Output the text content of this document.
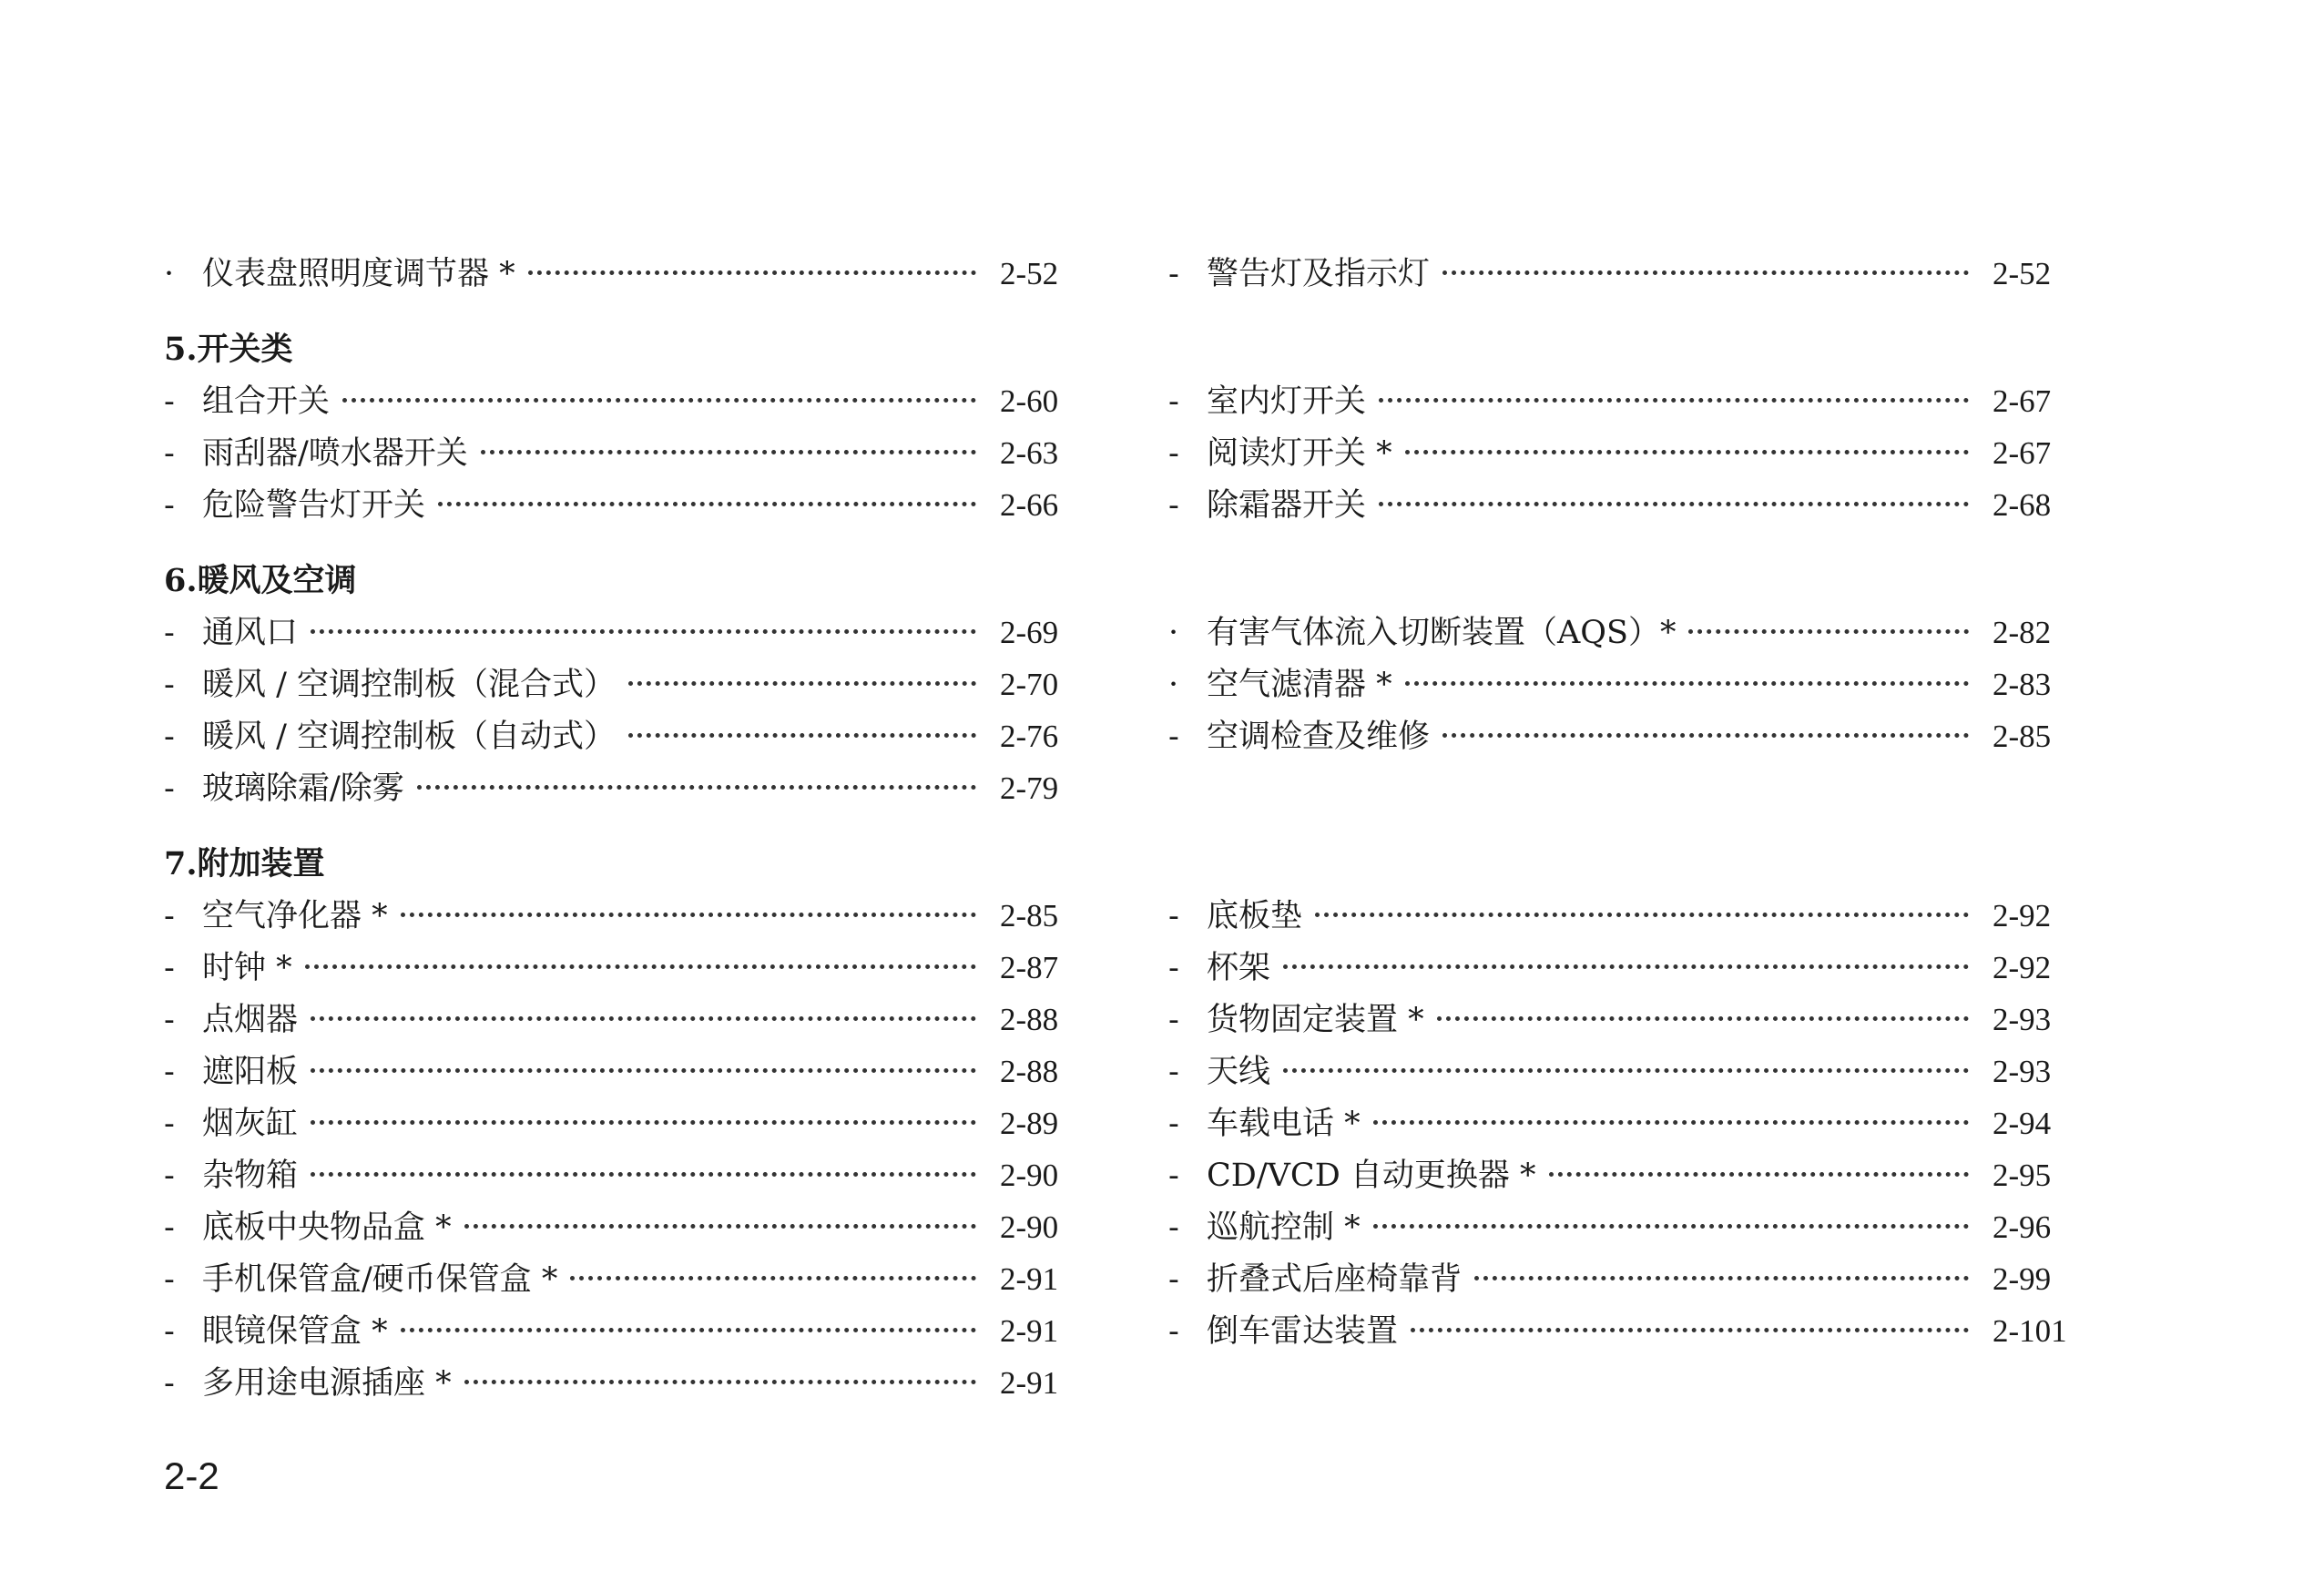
· 仪表盘照明度调节器 *	2-52
5.开关类
- 组合开关	2-60
- 雨刮器/喷水器开关	2-63
- 危险警告灯开关	2-66
6.暖风及空调
- 通风口	2-69
- 暖风 / 空调控制板（混合式）	2-70
- 暖风 / 空调控制板（自动式）	2-76
- 玻璃除霜/除雾	2-79
7.附加装置
- 空气净化器 *	2-85
- 时钟 *	2-87
- 点烟器	2-88
- 遮阳板	2-88
- 烟灰缸	2-89
- 杂物箱	2-90
- 底板中央物品盒 *	2-90
- 手机保管盒/硬币保管盒 *	2-91
- 眼镜保管盒 *	2-91
- 多用途电源插座 *	2-91
- 警告灯及指示灯	2-52
- 室内灯开关	2-67
- 阅读灯开关 *	2-67
- 除霜器开关	2-68
· 有害气体流入切断装置（AQS）*	2-82
· 空气滤清器 *	2-83
- 空调检查及维修	2-85
- 底板垫	2-92
- 杯架	2-92
- 货物固定装置 *	2-93
- 天线	2-93
- 车载电话 *	2-94
- CD/VCD 自动更换器 *	2-95
- 巡航控制 *	2-96
- 折叠式后座椅靠背	2-99
- 倒车雷达装置	2-101
2-2
